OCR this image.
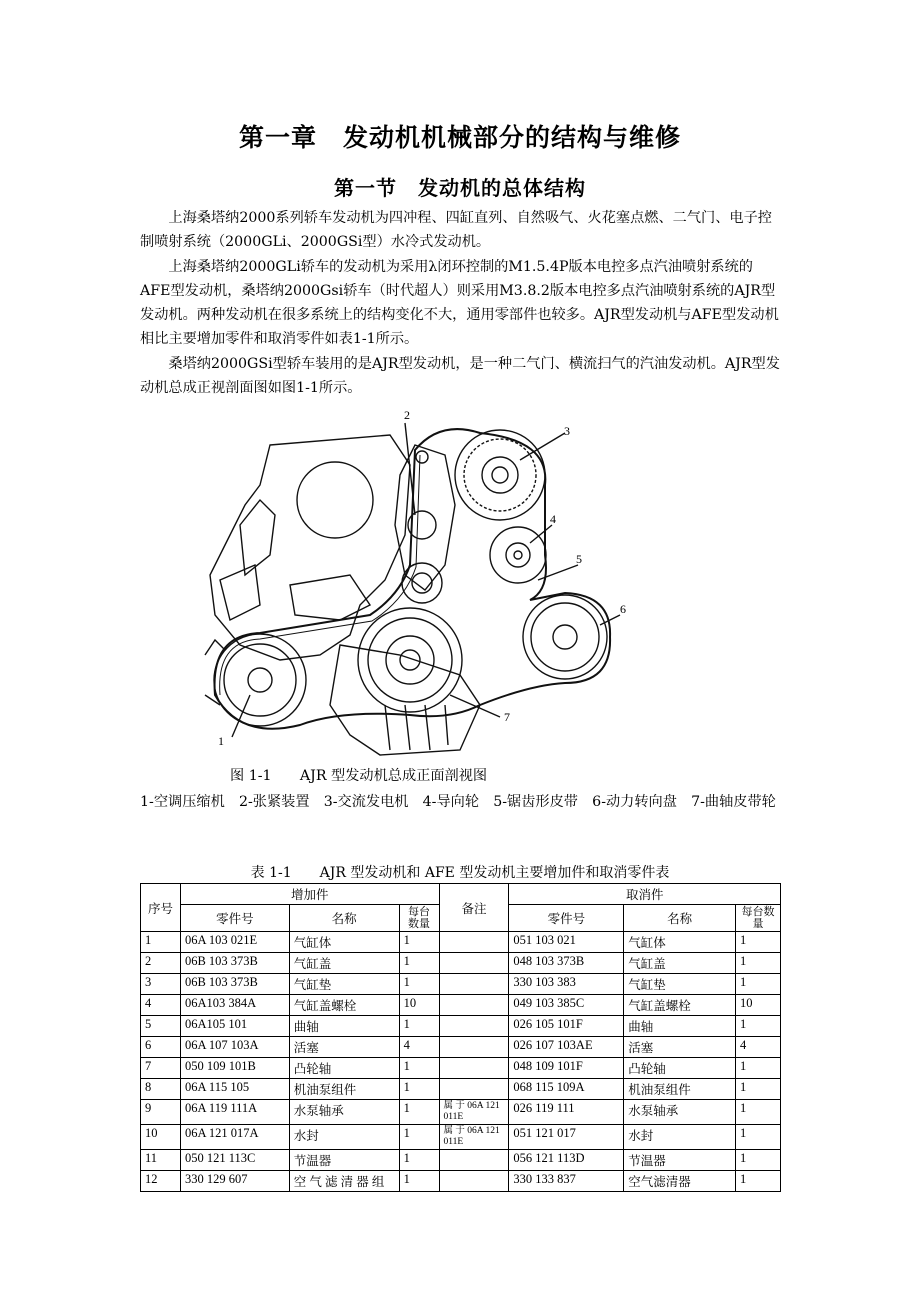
第一章　发动机机械部分的结构与维修
第一节　发动机的总体结构

上海桑塔纳2000系列轿车发动机为四冲程、四缸直列、自然吸气、火花塞点燃、二气门、电子控制喷射系统（2000GLi、2000GSi型）水冷式发动机。

上海桑塔纳2000GLi轿车的发动机为采用λ闭环控制的M1.5.4P版本电控多点汽油喷射系统的AFE型发动机，桑塔纳2000Gsi轿车（时代超人）则采用M3.8.2版本电控多点汽油喷射系统的AJR型发动机。两种发动机在很多系统上的结构变化不大，通用零部件也较多。AJR型发动机与AFE型发动机相比主要增加零件和取消零件如表1-1所示。

桑塔纳2000GSi型轿车装用的是AJR型发动机，是一种二气门、横流扫气的汽油发动机。AJR型发动机总成正视剖面图如图1-1所示。

1
2
3
4
5
6
7
图 1-1　　AJR 型发动机总成正面剖视图
1-空调压缩机　2-张紧装置　3-交流发电机　4-导向轮　5-锯齿形皮带　6-动力转向盘　7-曲轴皮带轮
表 1-1　　AJR 型发动机和 AFE 型发动机主要增加件和取消零件表
序号	增加件			备注	取消件		
	零件号	名称	每台数量		零件号	名称	每台数量
1	06A 103 021E	气缸体	1		051 103 021	气缸体	1
2	06B 103 373B	气缸盖	1		048 103 373B	气缸盖	1
3	06B 103 373B	气缸垫	1		330 103 383	气缸垫	1
4	06A103 384A	气缸盖螺栓	10		049 103 385C	气缸盖螺栓	10
5	06A105 101	曲轴	1		026 105 101F	曲轴	1
6	06A 107 103A	活塞	4		026 107 103AE	活塞	4
7	050 109 101B	凸轮轴	1		048 109 101F	凸轮轴	1
8	06A 115 105	机油泵组件	1		068 115 109A	机油泵组件	1
9	06A 119 111A	水泵轴承	1	属 于 06A 121 011E	026 119 111	水泵轴承	1
10	06A 121 017A	水封	1	属 于 06A 121 011E	051 121 017	水封	1
11	050 121 113C	节温器	1		056 121 113D	节温器	1
12	330 129 607	空 气 滤 清 器 组	1		330 133 837	空气滤清器	1
